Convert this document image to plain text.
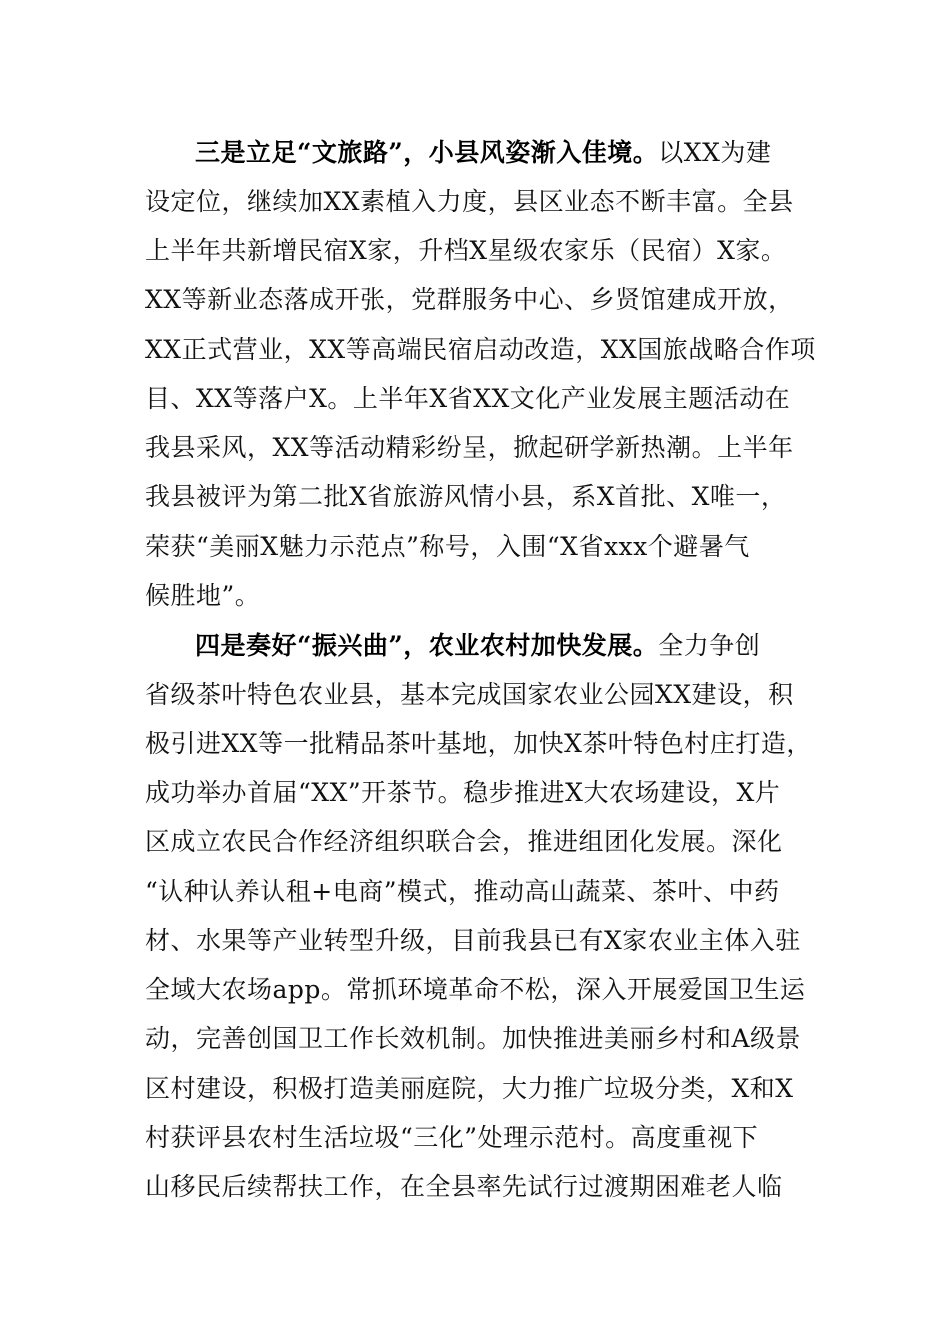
三是立足“文旅路”，小县风姿渐入佳境。以XX为建
设定位，继续加XX素植入力度，县区业态不断丰富。全县
上半年共新增民宿X家，升档X星级农家乐（民宿）X家。
XX等新业态落成开张，党群服务中心、乡贤馆建成开放，
XX正式营业，XX等高端民宿启动改造，XX国旅战略合作项
目、XX等落户X。上半年X省XX文化产业发展主题活动在
我县采风，XX等活动精彩纷呈，掀起研学新热潮。上半年
我县被评为第二批X省旅游风情小县，系X首批、X唯一，
荣获“美丽X魅力示范点”称号，入围“X省xxx个避暑气
候胜地”。
四是奏好“振兴曲”，农业农村加快发展。全力争创
省级茶叶特色农业县，基本完成国家农业公园XX建设，积
极引进XX等一批精品茶叶基地，加快X茶叶特色村庄打造，
成功举办首届“XX”开茶节。稳步推进X大农场建设，X片
区成立农民合作经济组织联合会，推进组团化发展。深化
“认种认养认租+电商”模式，推动高山蔬菜、茶叶、中药
材、水果等产业转型升级，目前我县已有X家农业主体入驻
全域大农场app。常抓环境革命不松，深入开展爱国卫生运
动，完善创国卫工作长效机制。加快推进美丽乡村和A级景
区村建设，积极打造美丽庭院，大力推广垃圾分类，X和X
村获评县农村生活垃圾“三化”处理示范村。高度重视下
山移民后续帮扶工作，在全县率先试行过渡期困难老人临
